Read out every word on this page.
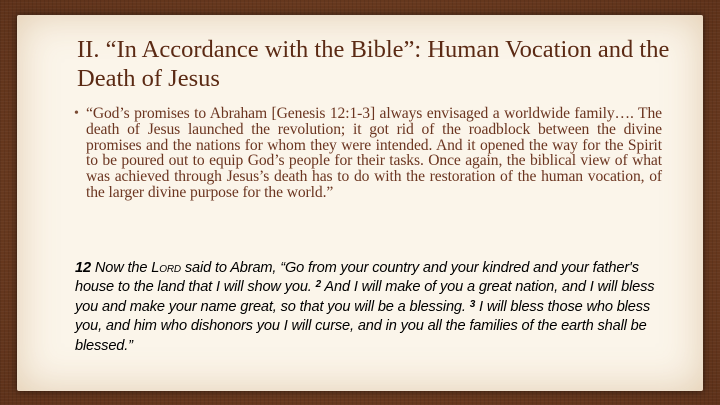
II. “In Accordance with the Bible”: Human Vocation and the Death of Jesus
• “God’s promises to Abraham [Genesis 12:1-3] always envisaged a worldwide family…. The death of Jesus launched the revolution; it got rid of the roadblock between the divine promises and the nations for whom they were intended. And it opened the way for the Spirit to be poured out to equip God’s people for their tasks. Once again, the biblical view of what was achieved through Jesus’s death has to do with the restoration of the human vocation, of the larger divine purpose for the world.”

12 Now the Lord said to Abram, “Go from your country and your kindred and your father's house to the land that I will show you. $^2$ And I will make of you a great nation, and I will bless you and make your name great, so that you will be a blessing. $^3$ I will bless those who bless you, and him who dishonors you I will curse, and in you all the families of the earth shall be blessed.”
